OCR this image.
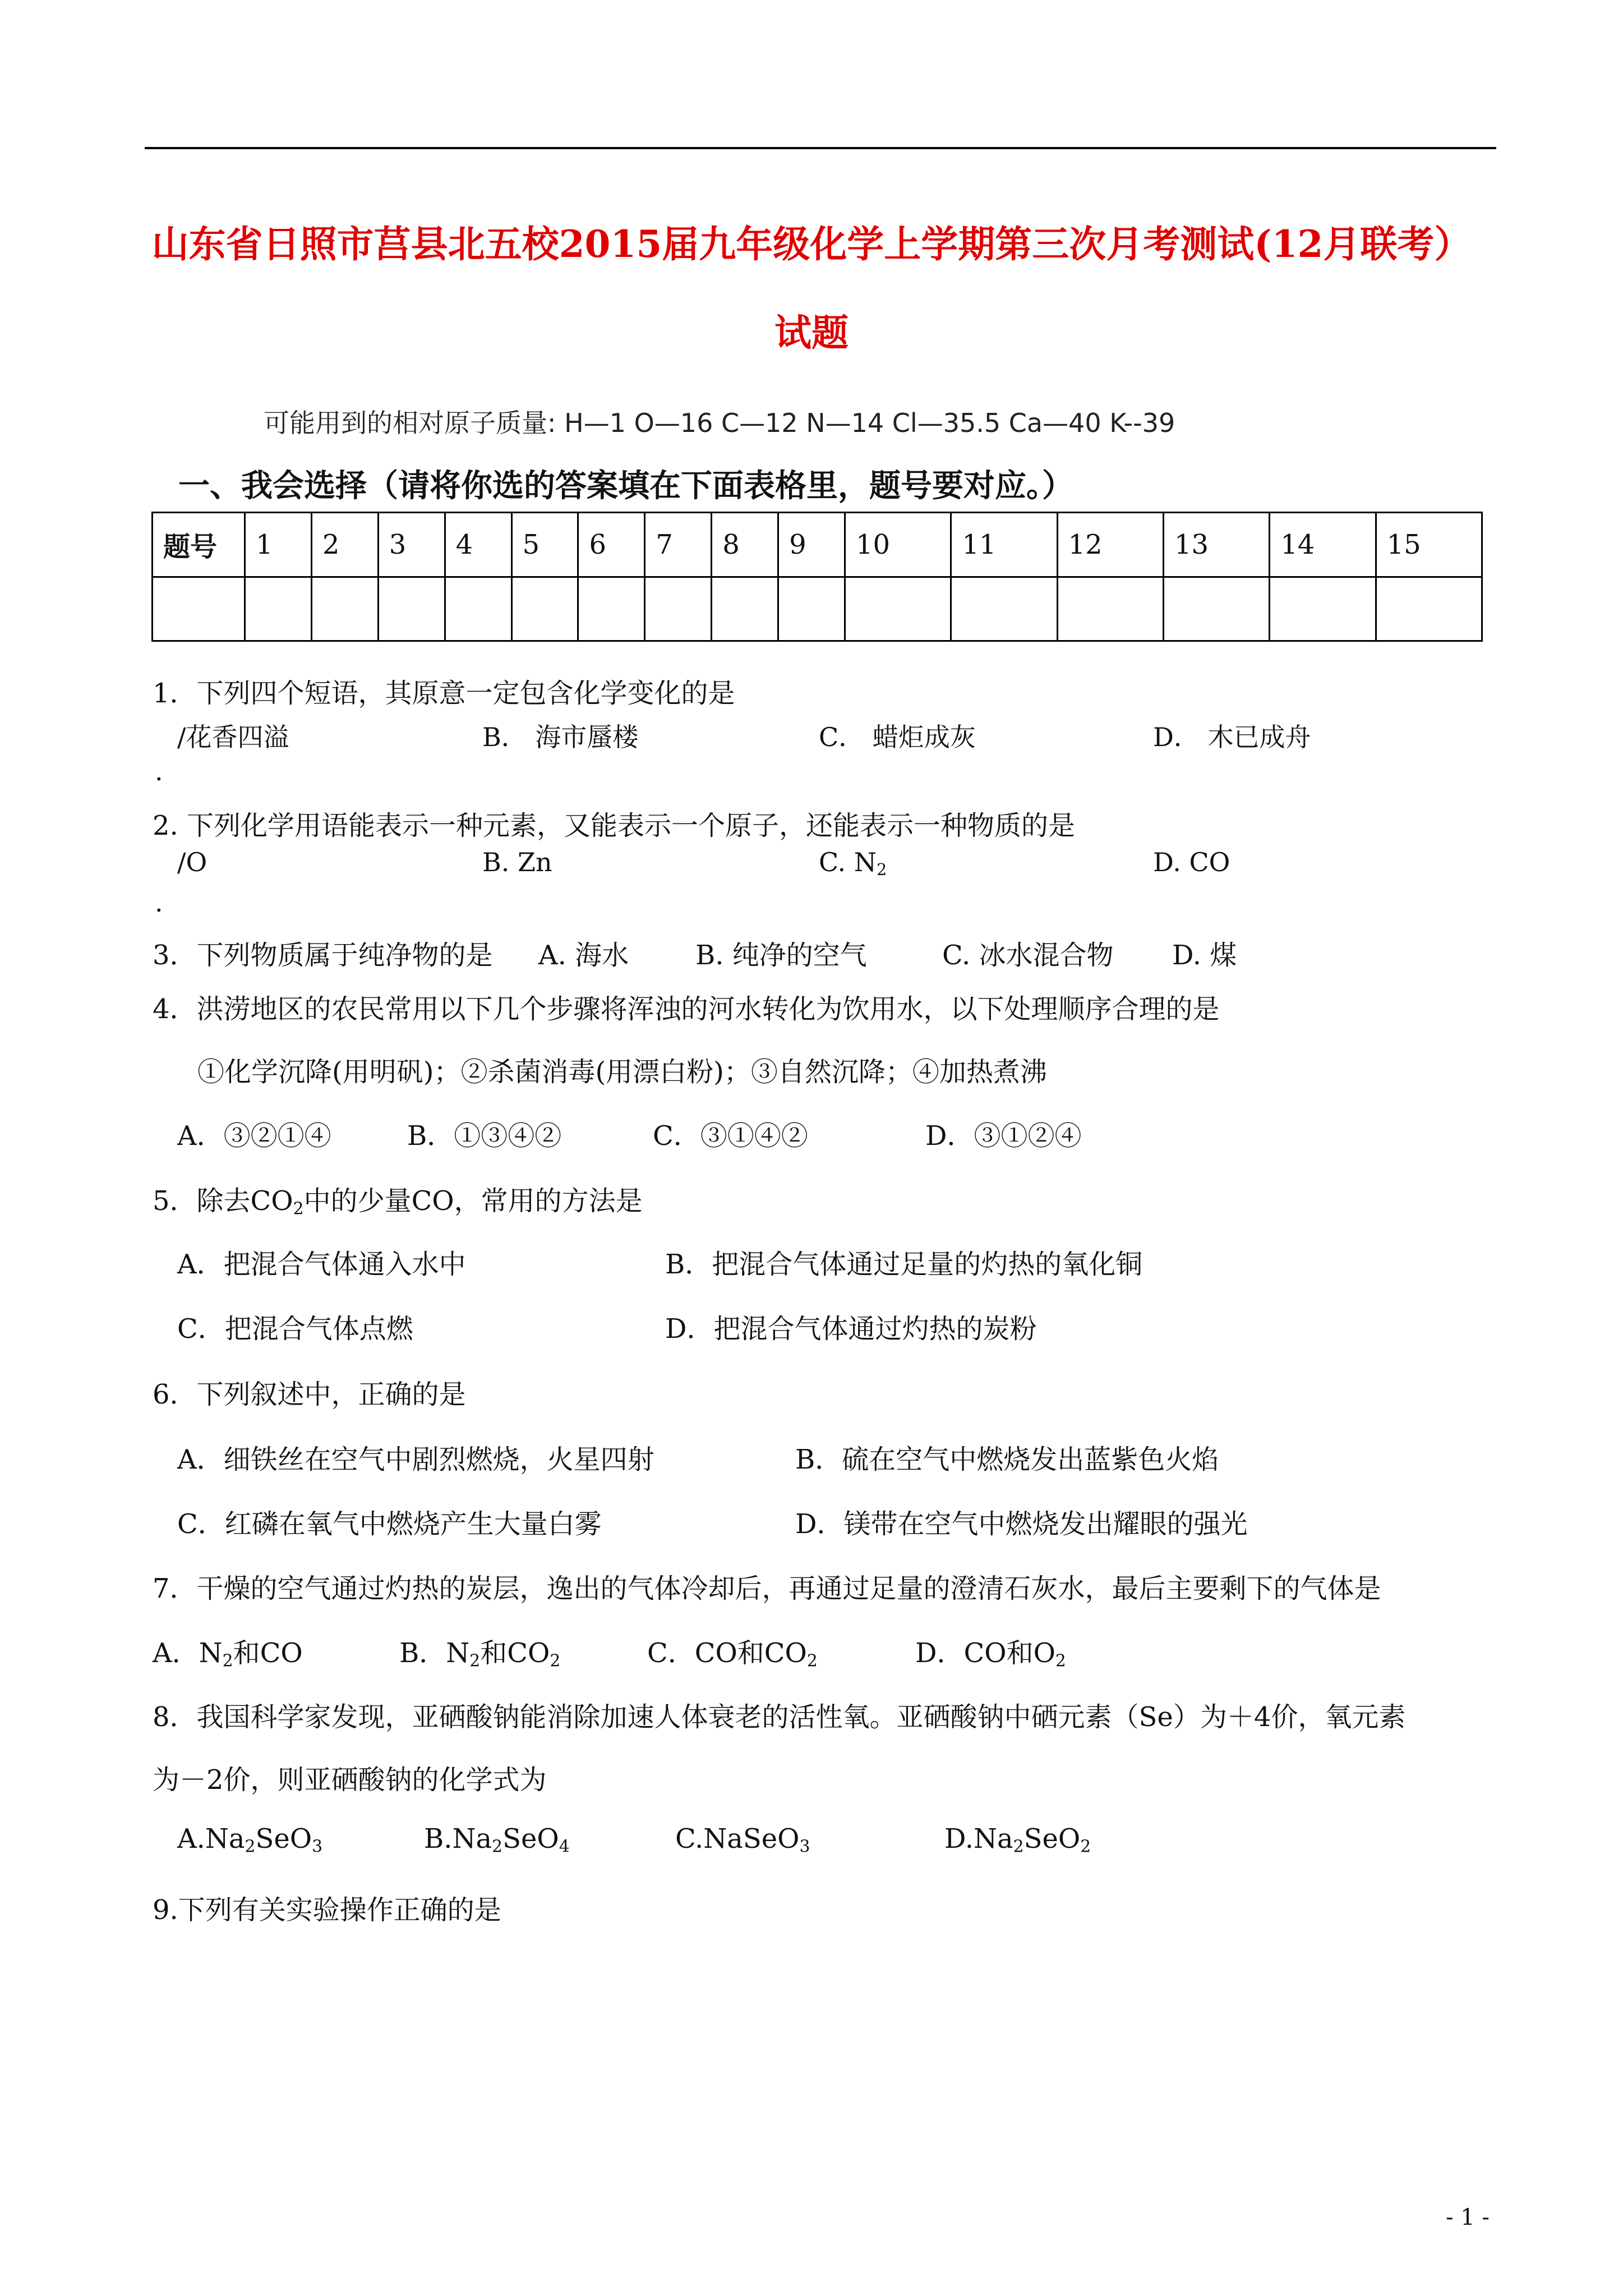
山东省日照市莒县北五校2015届九年级化学上学期第三次月考测试(12月联考）
试题
可能用到的相对原子质量: H—1 O—16 C—12 N—14 Cl—35.5 Ca—40 K--39
一、我会选择（请将你选的答案填在下面表格里，题号要对应。）
题号	1	2	3	4	5	6	7	8	9	10	11	12	13	14	15

1．下列四个短语，其原意一定包含化学变化的是
/花香四溢	B． 海市蜃楼	C． 蜡炬成灰	D． 木已成舟
.
2. 下列化学用语能表示一种元素，又能表示一个原子，还能表示一种物质的是
/O	B. Zn	C. $N_2$	D. CO
.
3．下列物质属于纯净物的是 A. 海水 B. 纯净的空气	C. 冰水混合物 D. 煤
4．洪涝地区的农民常用以下几个步骤将浑浊的河水转化为饮用水，以下处理顺序合理的是
①化学沉降(用明矾)；②杀菌消毒(用漂白粉)；③自然沉降；④加热煮沸
A．③②①④	B．①③④②	C．③①④②	D．③①②④
5．除去$CO_2$中的少量CO，常用的方法是
A．把混合气体通入水中	B．把混合气体通过足量的灼热的氧化铜
C．把混合气体点燃	D．把混合气体通过灼热的炭粉
6．下列叙述中，正确的是
A．细铁丝在空气中剧烈燃烧，火星四射	B．硫在空气中燃烧发出蓝紫色火焰
C．红磷在氧气中燃烧产生大量白雾	D．镁带在空气中燃烧发出耀眼的强光
7．干燥的空气通过灼热的炭层，逸出的气体冷却后，再通过足量的澄清石灰水，最后主要剩下的气体是
A．$N_2$和CO	B．$N_2$和$CO_2$	C．CO和$CO_2$	D．CO和$O_2$
8．我国科学家发现，亚硒酸钠能消除加速人体衰老的活性氧。亚硒酸钠中硒元素（Se）为＋4价，氧元素
为－2价，则亚硒酸钠的化学式为
$A.Na_2SeO_3$	$B.Na_2SeO_4$	C.NaSeO$_3$	$D.Na_2SeO_2$
9.下列有关实验操作正确的是
- 1 -
